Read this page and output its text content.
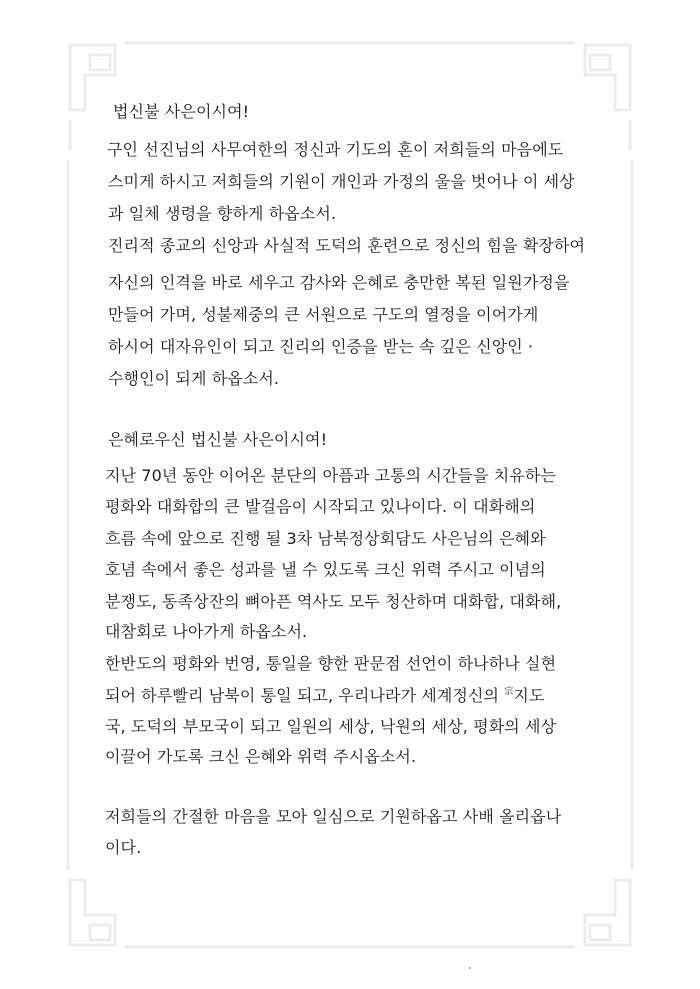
법신불 사은이시여!
구인 선진님의 사무여한의 정신과 기도의 혼이 저희들의 마음에도
스미게 하시고 저희들의 기원이 개인과 가정의 울을 벗어나 이 세상
과 일체 생령을 향하게 하옵소서.
진리적 종교의 신앙과 사실적 도덕의 훈련으로 정신의 힘을 확장하여
자신의 인격을 바로 세우고 감사와 은혜로 충만한 복된 일원가정을
만들어 가며, 성불제중의 큰 서원으로 구도의 열정을 이어가게
하시어 대자유인이 되고 진리의 인증을 받는 속 깊은 신앙인 ·
수행인이 되게 하옵소서.
은혜로우신 법신불 사은이시여!
지난 70년 동안 이어온 분단의 아픔과 고통의 시간들을 치유하는
평화와 대화합의 큰 발걸음이 시작되고 있나이다. 이 대화해의
흐름 속에 앞으로 진행 될 3차 남북정상회담도 사은님의 은혜와
호념 속에서 좋은 성과를 낼 수 있도록 크신 위력 주시고 이념의
분쟁도, 동족상잔의 뼈아픈 역사도 모두 청산하며 대화합, 대화해,
대참회로 나아가게 하옵소서.
한반도의 평화와 번영, 통일을 향한 판문점 선언이 하나하나 실현
되어 하루빨리 남북이 통일 되고, 우리나라가 세계정신의 $^宗$지도
국, 도덕의 부모국이 되고 일원의 세상, 낙원의 세상, 평화의 세상
이끌어 가도록 크신 은혜와 위력 주시옵소서.
저희들의 간절한 마음을 모아 일심으로 기원하옵고 사배 올리옵나
이다.
